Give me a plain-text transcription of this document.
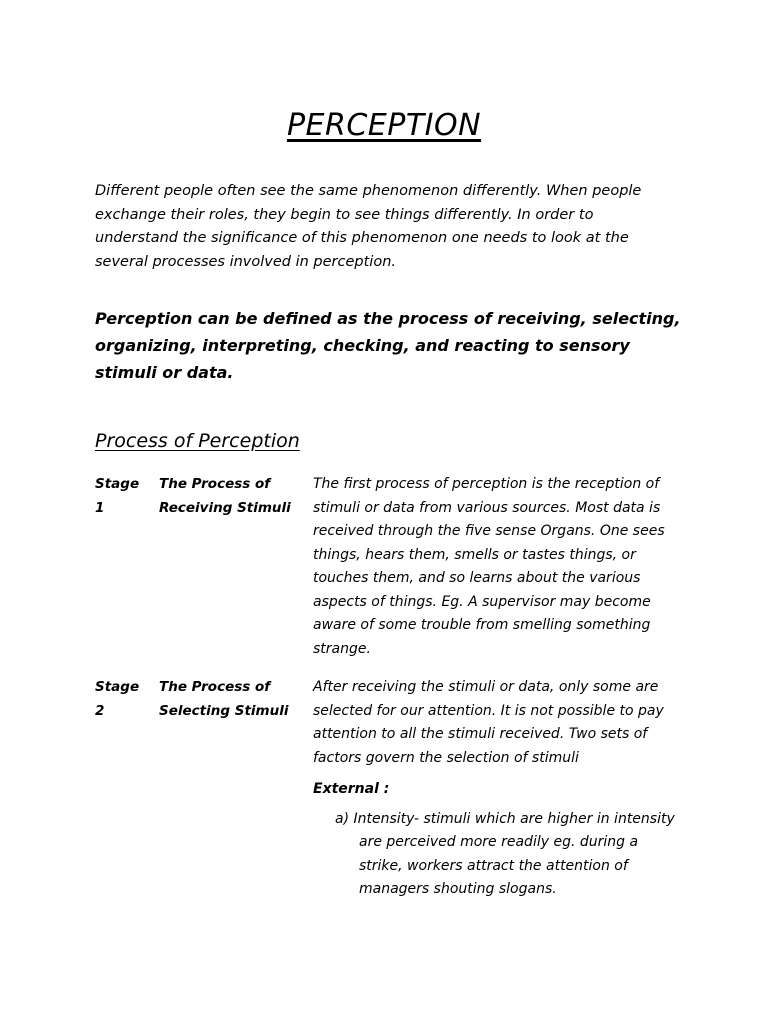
PERCEPTION
Different people often see the same phenomenon differently. When people exchange their roles, they begin to see things differently. In order to understand the significance of this phenomenon one needs to look at the several processes involved in perception.
Perception can be defined as the process of receiving, selecting, organizing, interpreting, checking, and reacting to sensory stimuli or data.
Process of Perception
Stage 1
The Process of Receiving Stimuli
The first process of perception is the reception of stimuli or data from various sources. Most data is received through the five sense Organs. One sees things, hears them, smells or tastes things, or touches them, and so learns about the various aspects of things. Eg. A supervisor may become aware of some trouble from smelling something strange.
Stage 2
The Process of Selecting Stimuli
After receiving the stimuli or data, only some are selected for our attention. It is not possible to pay attention to all the stimuli received. Two sets of factors govern the selection of stimuli
External :
a) Intensity- stimuli which are higher in intensity are perceived more readily eg. during a strike, workers attract the attention of managers shouting slogans.
